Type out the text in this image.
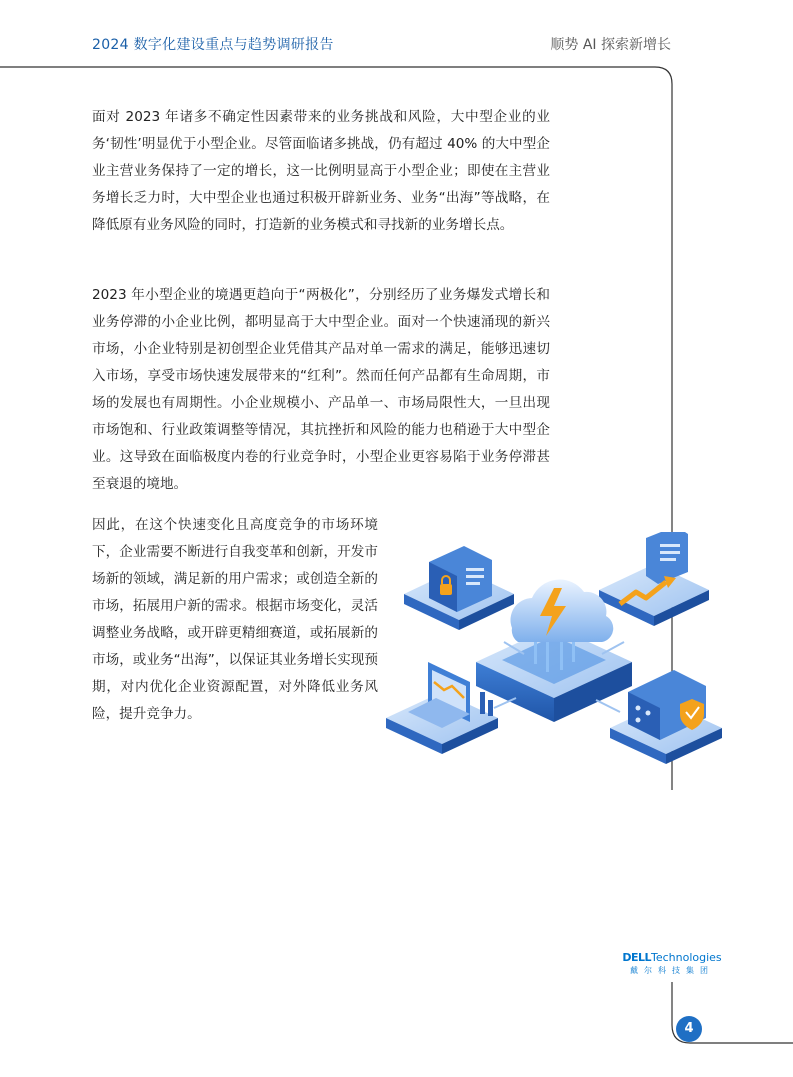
2024 数字化建设重点与趋势调研报告	顺势 AI 探索新增长

面对 2023 年诸多不确定性因素带来的业务挑战和风险，大中型企业的业务‘韧性’明显优于小型企业。尽管面临诸多挑战，仍有超过 40% 的大中型企业主营业务保持了一定的增长，这一比例明显高于小型企业；即使在主营业务增长乏力时，大中型企业也通过积极开辟新业务、业务“出海”等战略，在降低原有业务风险的同时，打造新的业务模式和寻找新的业务增长点。

2023 年小型企业的境遇更趋向于“两极化”，分别经历了业务爆发式增长和业务停滞的小企业比例，都明显高于大中型企业。面对一个快速涌现的新兴市场，小企业特别是初创型企业凭借其产品对单一需求的满足，能够迅速切入市场，享受市场快速发展带来的“红利”。然而任何产品都有生命周期，市场的发展也有周期性。小企业规模小、产品单一、市场局限性大，一旦出现市场饱和、行业政策调整等情况，其抗挫折和风险的能力也稍逊于大中型企业。这导致在面临极度内卷的行业竞争时，小型企业更容易陷于业务停滞甚至衰退的境地。

因此，在这个快速变化且高度竞争的市场环境下，企业需要不断进行自我变革和创新，开发市场新的领域，满足新的用户需求；或创造全新的市场，拓展用户新的需求。根据市场变化，灵活调整业务战略，或开辟更精细赛道，或拓展新的市场，或业务“出海”，以保证其业务增长实现预期，对内优化企业资源配置，对外降低业务风险，提升竞争力。

DELLTechnologies
戴尔科技集团
4
